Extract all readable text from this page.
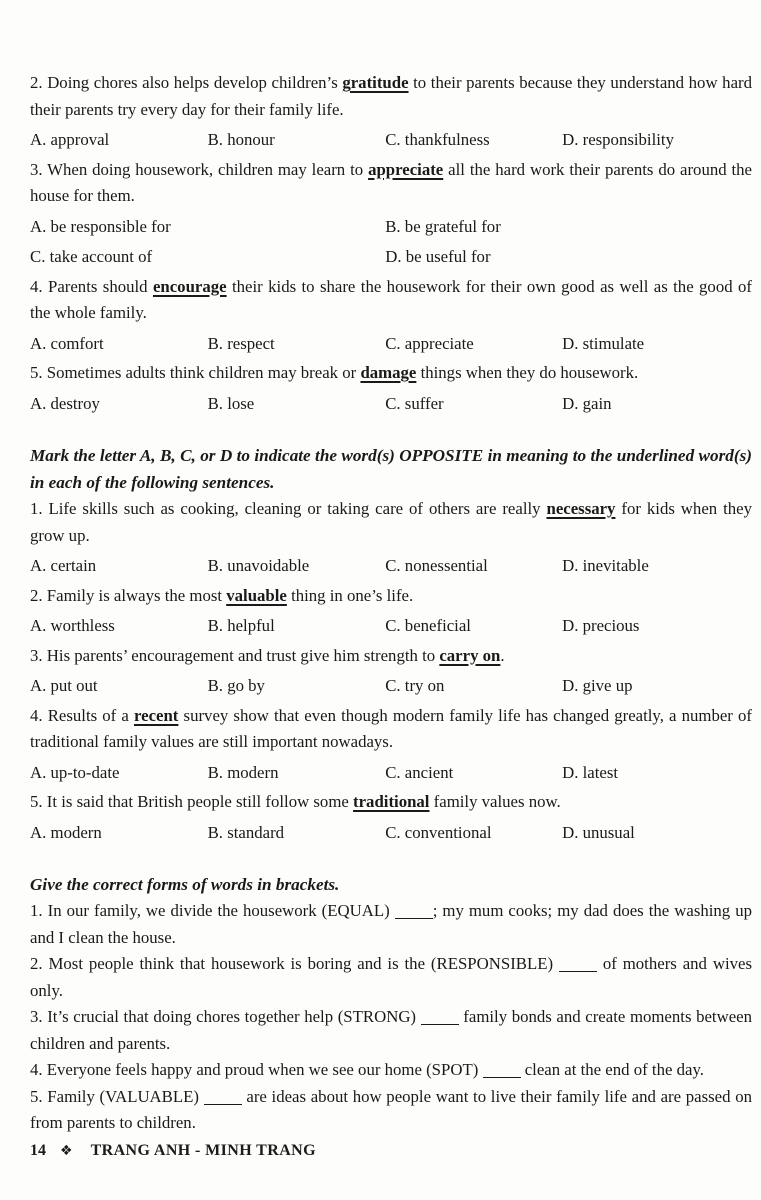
2. Doing chores also helps develop children’s gratitude to their parents because they understand how hard their parents try every day for their family life.

A. approval	B. honour	C. thankfulness	D. responsibility

3. When doing housework, children may learn to appreciate all the hard work their parents do around the house for them.

A. be responsible for	B. be grateful for
C. take account of	D. be useful for

4. Parents should encourage their kids to share the housework for their own good as well as the good of the whole family.

A. comfort	B. respect	C. appreciate	D. stimulate

5. Sometimes adults think children may break or damage things when they do housework.

A. destroy	B. lose	C. suffer	D. gain

Mark the letter A, B, C, or D to indicate the word(s) OPPOSITE in meaning to the underlined word(s) in each of the following sentences.

1. Life skills such as cooking, cleaning or taking care of others are really necessary for kids when they grow up.

A. certain	B. unavoidable	C. nonessential	D. inevitable

2. Family is always the most valuable thing in one’s life.

A. worthless	B. helpful	C. beneficial	D. precious

3. His parents’ encouragement and trust give him strength to carry on.

A. put out	B. go by	C. try on	D. give up

4. Results of a recent survey show that even though modern family life has changed greatly, a number of traditional family values are still important nowadays.

A. up-to-date	B. modern	C. ancient	D. latest

5. It is said that British people still follow some traditional family values now.

A. modern	B. standard	C. conventional	D. unusual

Give the correct forms of words in brackets.

1. In our family, we divide the housework (EQUAL) ; my mum cooks; my dad does the washing up and I clean the house.

2. Most people think that housework is boring and is the (RESPONSIBLE)  of mothers and wives only.

3. It’s crucial that doing chores together help (STRONG)  family bonds and create moments between children and parents.

4. Everyone feels happy and proud when we see our home (SPOT)  clean at the end of the day.

5. Family (VALUABLE)  are ideas about how people want to live their family life and are passed on from parents to children.

14 ❖ TRANG ANH - MINH TRANG
